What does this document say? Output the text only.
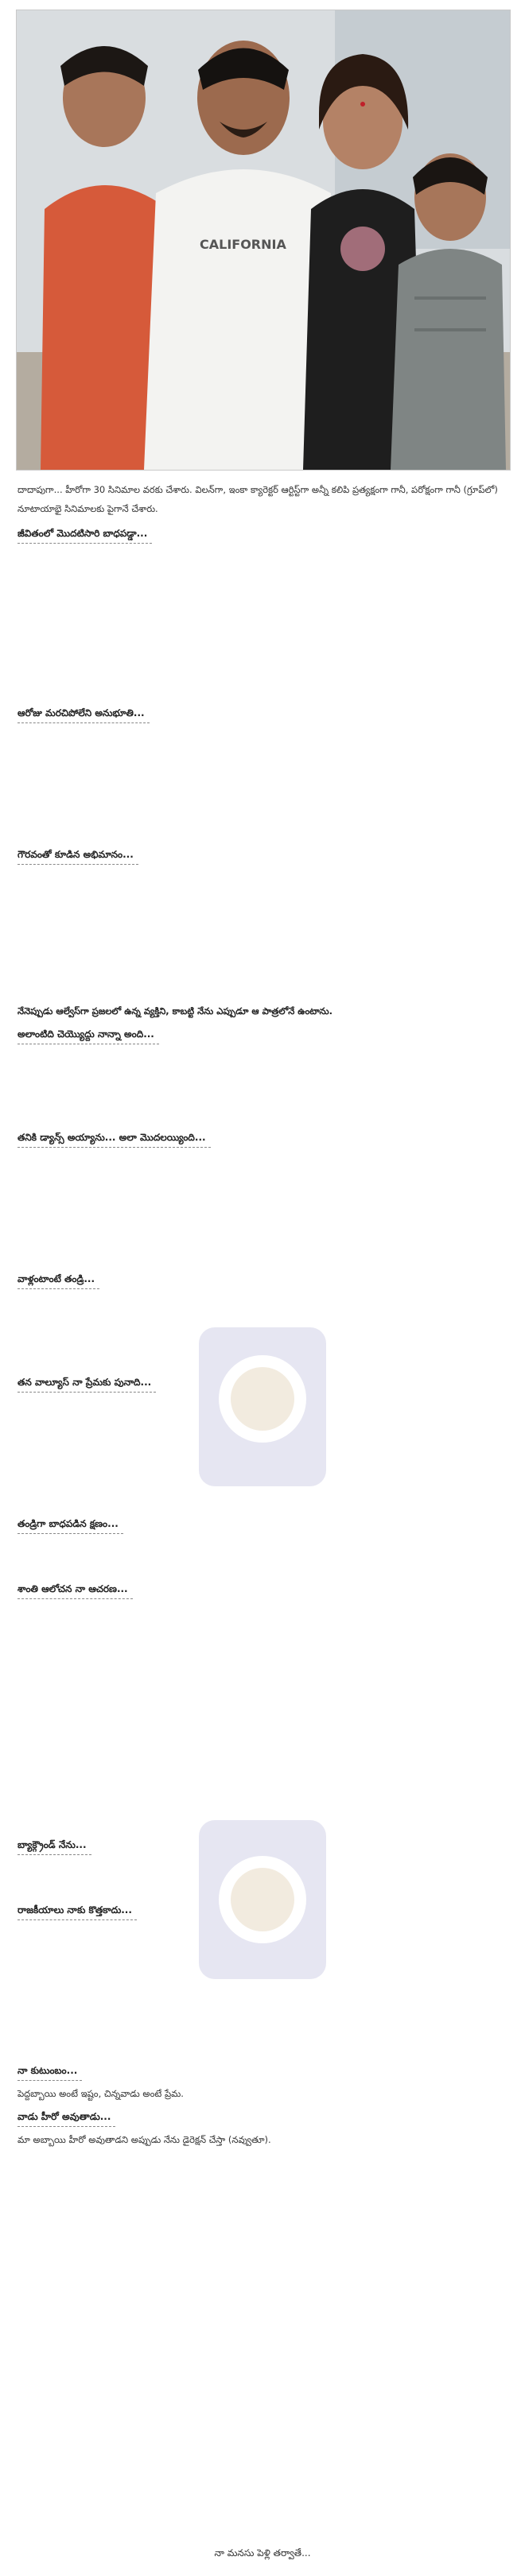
CALIFORNIA

దాదాపుగా... హీరోగా 30 సినిమాల వరకు చేశారు. విలన్‌గా, ఇంకా క్యారెక్టర్ ఆర్టిస్ట్‌గా అన్నీ కలిపి ప్రత్యక్షంగా గానీ, పరోక్షంగా గానీ (గ్రూప్‌లో) నూటాయాభై సినిమాలకు పైగానే చేశారు.

జీవితంలో మొదటిసారి బాధపడ్డా...
ఆరోజు మరచిపోలేని అనుభూతి...
గౌరవంతో కూడిన అభిమానం...

నేనెప్పుడు ఆల్వేస్‌గా ప్రజలలో ఉన్న వ్యక్తిని, కాబట్టి నేను ఎప్పుడూ ఆ పాత్రలోనే ఉంటాను.

అలాంటిది చెయ్యొద్దు నాన్నా అంది...
తనికి డ్యాన్స్ అయ్యాను... అలా మొదలయ్యింది...
వాళ్లంటాంటే తండ్రి...
తన వాల్యూస్ నా ప్రేమకు పునాది...
తండ్రిగా బాధపడిన క్షణం...
శాంతి ఆలోచన నా ఆచరణ...
బ్యాక్గ్రౌండ్ నేను...
రాజకీయాలు నాకు కొత్తకాదు...
నా కుటుంబం...

పెద్దబ్బాయి అంటే ఇష్టం, చిన్నవాడు అంటే ప్రేమ.

వాడు హీరో అవుతాడు...

మా అబ్బాయి హీరో అవుతాడని అప్పుడు నేను డైరెక్షన్ చేస్తా (నవ్వుతూ).

నా మనసు పెళ్లి తర్వాతే...
